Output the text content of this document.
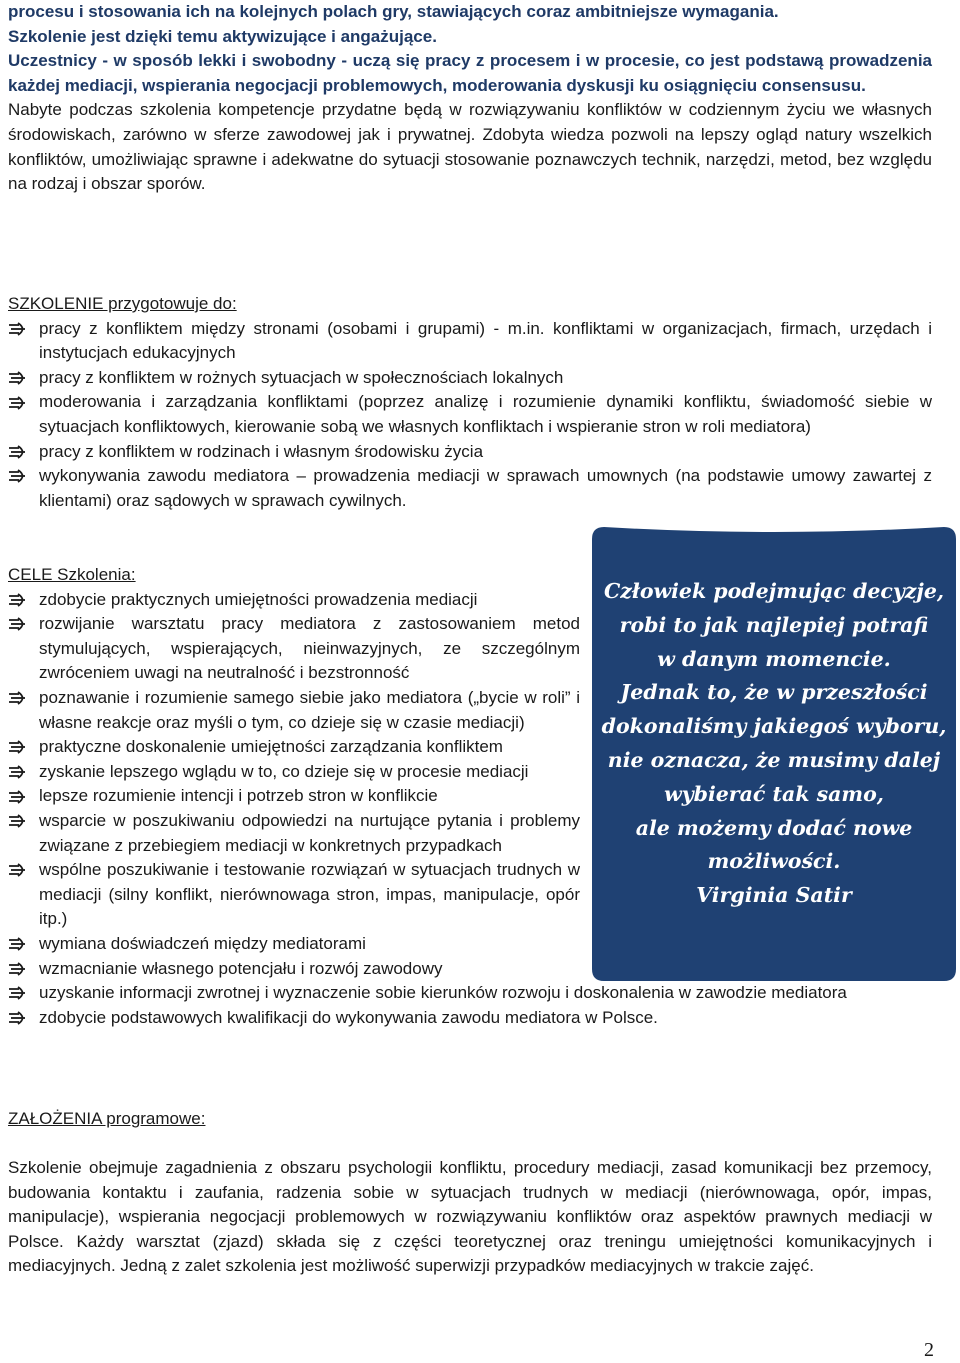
procesu i stosowania ich na kolejnych polach gry, stawiających coraz ambitniejsze wymagania.

Szkolenie jest dzięki temu aktywizujące i angażujące.

Uczestnicy - w sposób lekki i swobodny - uczą się pracy z procesem i w procesie, co jest podstawą prowadzenia każdej mediacji, wspierania negocjacji problemowych, moderowania dyskusji ku osiągnięciu consensusu.

Nabyte podczas szkolenia kompetencje przydatne będą w rozwiązywaniu konfliktów w codziennym życiu we własnych środowiskach, zarówno w sferze zawodowej jak i prywatnej. Zdobyta wiedza pozwoli na lepszy ogląd natury wszelkich konfliktów, umożliwiając sprawne i adekwatne do sytuacji stosowanie poznawczych technik, narzędzi, metod, bez względu na rodzaj i obszar sporów.

SZKOLENIE przygotowuje do:

pracy z konfliktem między stronami (osobami i grupami) - m.in. konfliktami w organizacjach, firmach, urzędach i instytucjach edukacyjnych
pracy z konfliktem w rożnych sytuacjach w społecznościach lokalnych
moderowania i zarządzania konfliktami (poprzez analizę i rozumienie dynamiki konfliktu, świadomość siebie w sytuacjach konfliktowych, kierowanie sobą we własnych konfliktach i wspieranie stron w roli mediatora)
pracy z konfliktem w rodzinach i własnym środowisku życia
wykonywania zawodu mediatora – prowadzenia mediacji w sprawach umownych (na podstawie umowy zawartej z klientami) oraz sądowych w sprawach cywilnych.

CELE Szkolenia:

zdobycie praktycznych umiejętności prowadzenia mediacji
rozwijanie warsztatu pracy mediatora z zastosowaniem metod stymulujących, wspierających, nieinwazyjnych, ze szczególnym zwróceniem uwagi na neutralność i bezstronność
poznawanie i rozumienie samego siebie jako mediatora („bycie w roli” i własne reakcje oraz myśli o tym, co dzieje się w czasie mediacji)
praktyczne doskonalenie umiejętności zarządzania konfliktem
zyskanie lepszego wglądu w to, co dzieje się w procesie mediacji
lepsze rozumienie intencji i potrzeb stron w konflikcie
wsparcie w poszukiwaniu odpowiedzi na nurtujące pytania i problemy związane z przebiegiem mediacji w konkretnych przypadkach
wspólne poszukiwanie i testowanie rozwiązań w sytuacjach trudnych w mediacji (silny konflikt, nierównowaga stron, impas, manipulacje, opór itp.)
wymiana doświadczeń między mediatorami
wzmacnianie własnego potencjału i rozwój zawodowy
uzyskanie informacji zwrotnej i wyznaczenie sobie kierunków rozwoju i doskonalenia w zawodzie mediatora
zdobycie podstawowych kwalifikacji do wykonywania zawodu mediatora w Polsce.

ZAŁOŻENIA programowe:

Szkolenie obejmuje zagadnienia z obszaru psychologii konfliktu, procedury mediacji, zasad komunikacji bez przemocy, budowania kontaktu i zaufania, radzenia sobie w sytuacjach trudnych w mediacji (nierównowaga, opór, impas, manipulacje), wspierania negocjacji problemowych w rozwiązywaniu konfliktów oraz aspektów prawnych mediacji w Polsce. Każdy warsztat (zjazd) składa się z części teoretycznej oraz treningu umiejętności komunikacyjnych i mediacyjnych. Jedną z zalet szkolenia jest możliwość superwizji przypadków mediacyjnych w trakcie zajęć.

Człowiek podejmując decyzje,
robi to jak najlepiej potrafi
w danym momencie.
Jednak to, że w przeszłości
dokonaliśmy jakiegoś wyboru,
nie oznacza, że musimy dalej
wybierać tak samo,
ale możemy dodać nowe
możliwości.
Virginia Satir
2
